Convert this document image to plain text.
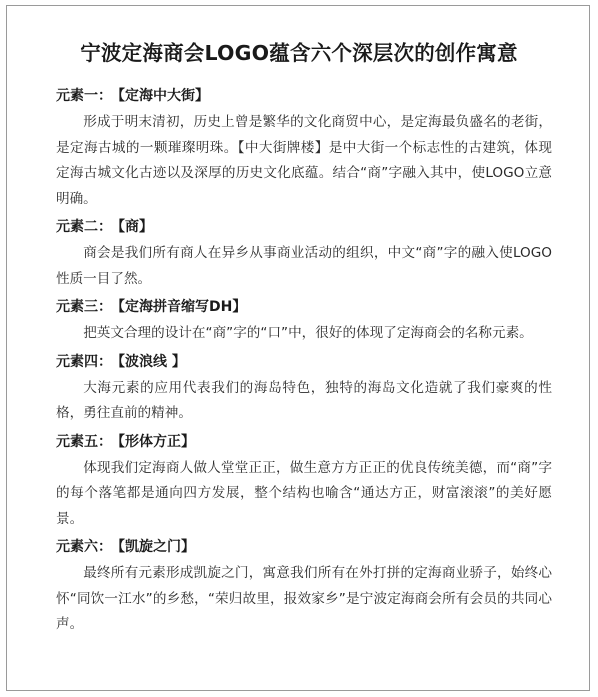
宁波定海商会LOGO蕴含六个深层次的创作寓意
元素一： 【定海中大街】

形成于明末清初，历史上曾是繁华的文化商贸中心，是定海最负盛名的老街，是定海古城的一颗璀璨明珠。【中大街牌楼】是中大街一个标志性的古建筑，体现定海古城文化古迹以及深厚的历史文化底蕴。结合“商”字融入其中，使LOGO立意明确。

元素二： 【商】

商会是我们所有商人在异乡从事商业活动的组织，中文“商”字的融入使LOGO性质一目了然。

元素三： 【定海拼音缩写DH】

把英文合理的设计在“商”字的“口”中，很好的体现了定海商会的名称元素。

元素四： 【波浪线 】

大海元素的应用代表我们的海岛特色，独特的海岛文化造就了我们豪爽的性格，勇往直前的精神。

元素五： 【形体方正】

体现我们定海商人做人堂堂正正，做生意方方正正的优良传统美德，而“商”字的每个落笔都是通向四方发展，整个结构也喻含“通达方正，财富滚滚”的美好愿景。

元素六： 【凯旋之门】

最终所有元素形成凯旋之门，寓意我们所有在外打拼的定海商业骄子，始终心怀“同饮一江水”的乡愁，“荣归故里，报效家乡”是宁波定海商会所有会员的共同心声。
